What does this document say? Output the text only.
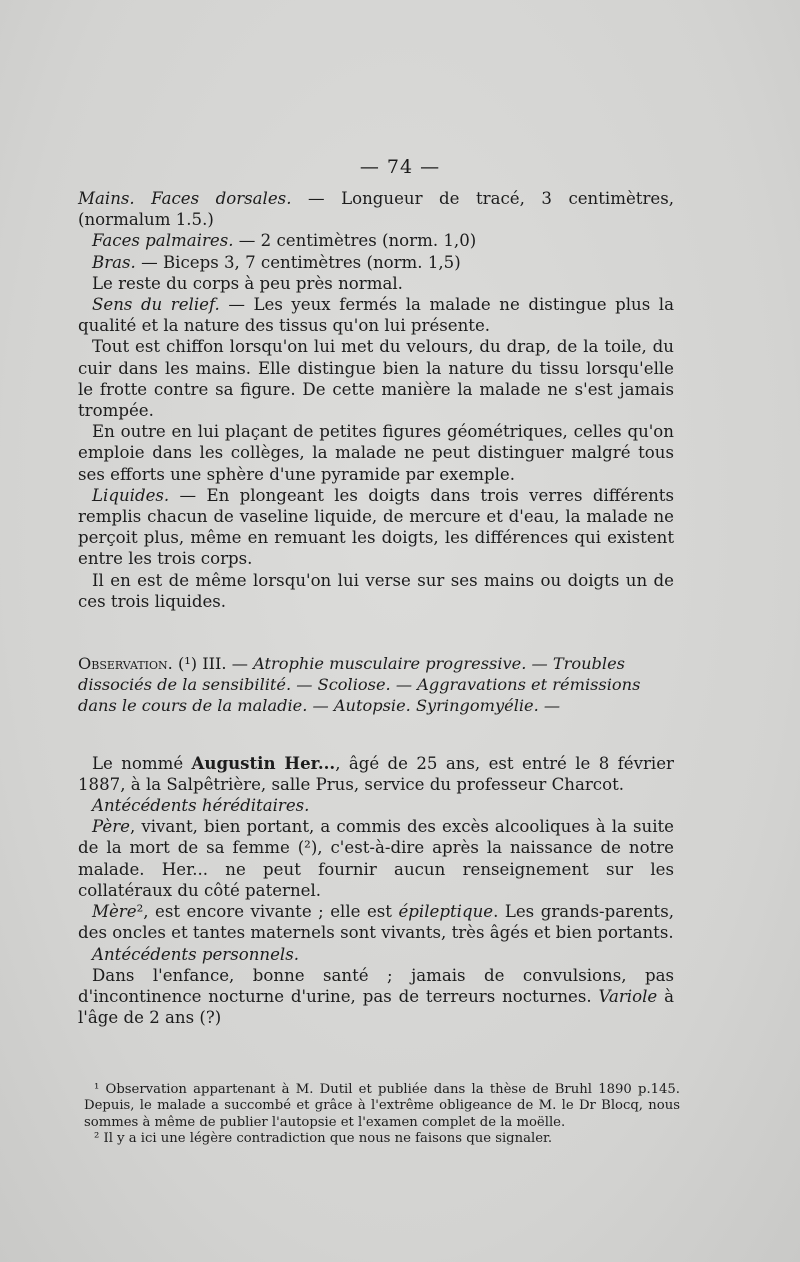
— 74 —

Mains. Faces dorsales. — Longueur de tracé, 3 centimètres, (normalum 1.5.)

Faces palmaires. — 2 centimètres (norm. 1,0)

Bras. — Biceps 3, 7 centimètres (norm. 1,5)

Le reste du corps à peu près normal.

Sens du relief. — Les yeux fermés la malade ne distingue plus la qualité et la nature des tissus qu'on lui présente.

Tout est chiffon lorsqu'on lui met du velours, du drap, de la toile, du cuir dans les mains. Elle distingue bien la nature du tissu lorsqu'elle le frotte contre sa figure. De cette manière la malade ne s'est jamais trompée.

En outre en lui plaçant de petites figures géométriques, celles qu'on emploie dans les collèges, la malade ne peut distinguer malgré tous ses efforts une sphère d'une pyramide par exemple.

Liquides. — En plongeant les doigts dans trois verres différents remplis chacun de vaseline liquide, de mercure et d'eau, la malade ne perçoit plus, même en remuant les doigts, les différences qui existent entre les trois corps.

Il en est de même lorsqu'on lui verse sur ses mains ou doigts un de ces trois liquides.

Observation. (¹) III. — Atrophie musculaire progressive. — Troubles dissociés de la sensibilité. — Scoliose. — Aggravations et rémissions dans le cours de la maladie. — Autopsie. Syringomyélie. —

Le nommé Augustin Her..., âgé de 25 ans, est entré le 8 février 1887, à la Salpêtrière, salle Prus, service du professeur Charcot.

Antécédents héréditaires.

Père, vivant, bien portant, a commis des excès alcooliques à la suite de la mort de sa femme (²), c'est-à-dire après la naissance de notre malade. Her... ne peut fournir aucun renseignement sur les collatéraux du côté paternel.

Mère², est encore vivante ; elle est épileptique. Les grands-parents, des oncles et tantes maternels sont vivants, très âgés et bien portants.

Antécédents personnels.

Dans l'enfance, bonne santé ; jamais de convulsions, pas d'incontinence nocturne d'urine, pas de terreurs nocturnes. Variole à l'âge de 2 ans (?)

¹ Observation appartenant à M. Dutil et publiée dans la thèse de Bruhl 1890 p.145. Depuis, le malade a succombé et grâce à l'extrême obligeance de M. le Dr Blocq, nous sommes à même de publier l'autopsie et l'examen complet de la moëlle.

² Il y a ici une légère contradiction que nous ne faisons que signaler.
